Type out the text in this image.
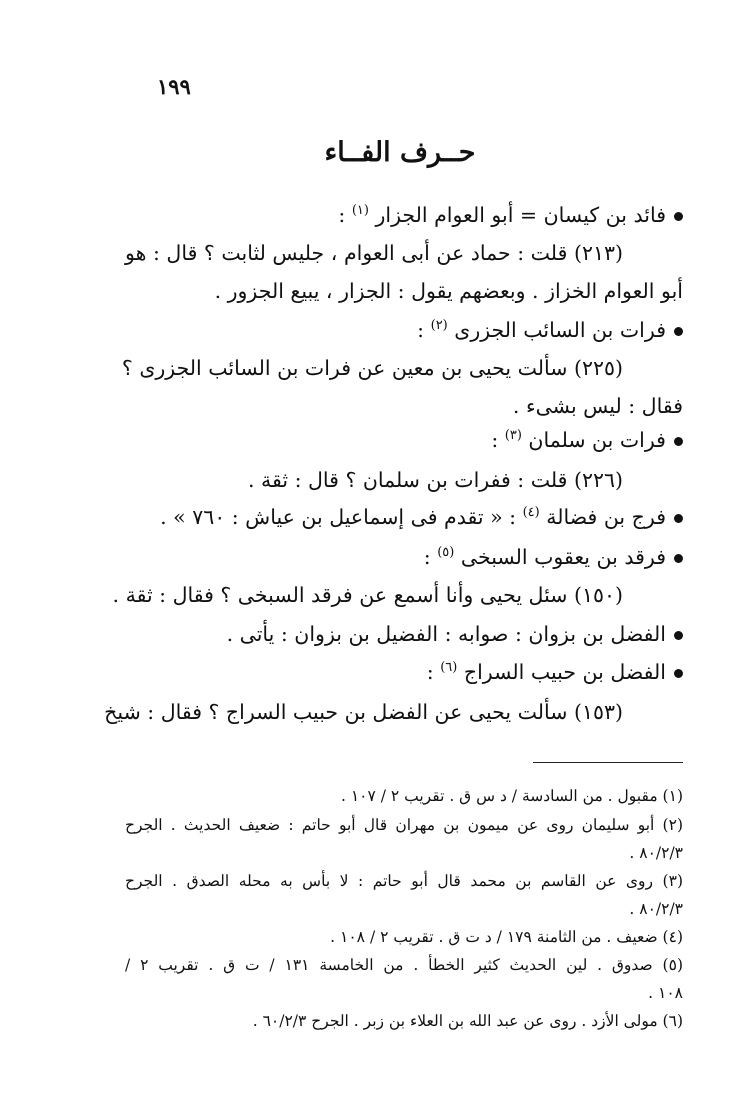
١٩٩
حــرف الفــاء
فائد بن كيسان = أبو العوام الجزار $^{(١)}$ :
(٢١٣) قلت : حماد عن أبى العوام ، جليس لثابت ؟ قال : هو
أبو العوام الخزاز . وبعضهم يقول : الجزار ، يبيع الجزور .
فرات بن السائب الجزرى $^{(٢)}$ :
(٢٢٥) سألت يحيى بن معين عن فرات بن السائب الجزرى ؟
فقال : ليس بشىء .
فرات بن سلمان $^{(٣)}$ :
(٢٢٦) قلت : ففرات بن سلمان ؟ قال : ثقة .
فرج بن فضالة $^{(٤)}$ : « تقدم فى إسماعيل بن عياش : ٧٦٠ » .
فرقد بن يعقوب السبخى $^{(٥)}$ :
(١٥٠) سئل يحيى وأنا أسمع عن فرقد السبخى ؟ فقال : ثقة .
الفضل بن بزوان : صوابه : الفضيل بن بزوان : يأتى .
الفضل بن حبيب السراج $^{(٦)}$ :
(١٥٣) سألت يحيى عن الفضل بن حبيب السراج ؟ فقال : شيخ
(١) مقبول . من السادسة / د س ق . تقريب ٢ / ١٠٧ .
(٢) أبو سليمان روى عن ميمون بن مهران قال أبو حاتم : ضعيف الحديث . الجرح
٨٠/٢/٣ .
(٣) روى عن القاسم بن محمد قال أبو حاتم : لا بأس به محله الصدق . الجرح
٨٠/٢/٣ .
(٤) ضعيف . من الثامنة ١٧٩ / د ت ق . تقريب ٢ / ١٠٨ .
(٥) صدوق . لين الحديث كثير الخطأ . من الخامسة ١٣١ / ت ق . تقريب ٢ /
١٠٨ .
(٦) مولى الأزد . روى عن عبد الله بن العلاء بن زبر . الجرح ٦٠/٢/٣ .
